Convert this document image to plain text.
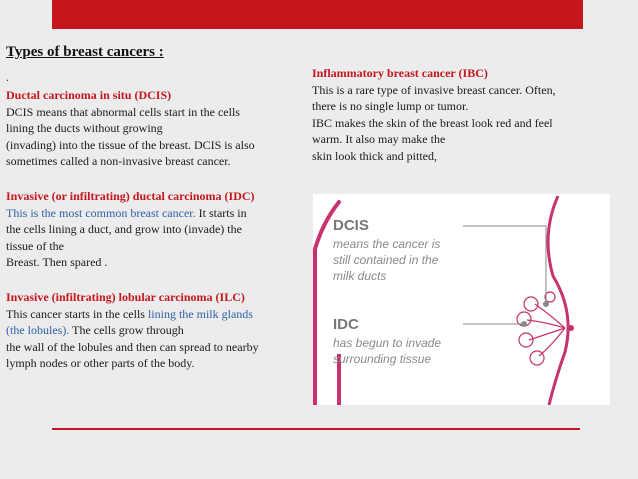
Types of breast cancers :
.
Ductal carcinoma in situ (DCIS)
DCIS means that abnormal cells start in the cells
lining the ducts without growing
(invading) into the tissue of the breast. DCIS is also
sometimes called a non-invasive breast cancer.
Invasive (or infiltrating) ductal carcinoma (IDC)
This is the most common breast cancer. It starts in
the cells lining a duct, and grow into (invade) the
tissue of the
Breast. Then spared .
Invasive (infiltrating) lobular carcinoma (ILC)
This cancer starts in the cells lining the milk glands
(the lobules). The cells grow through
the wall of the lobules and then can spread to nearby
lymph nodes or other parts of the body.
Inflammatory breast cancer (IBC)
This is a rare type of invasive breast cancer. Often,
there is no single lump or tumor.
IBC makes the skin of the breast look red and feel
warm. It also may make the
skin look thick and pitted,
DCIS
means the cancer is
still contained in the
milk ducts
IDC
has begun to invade
surrounding tissue
